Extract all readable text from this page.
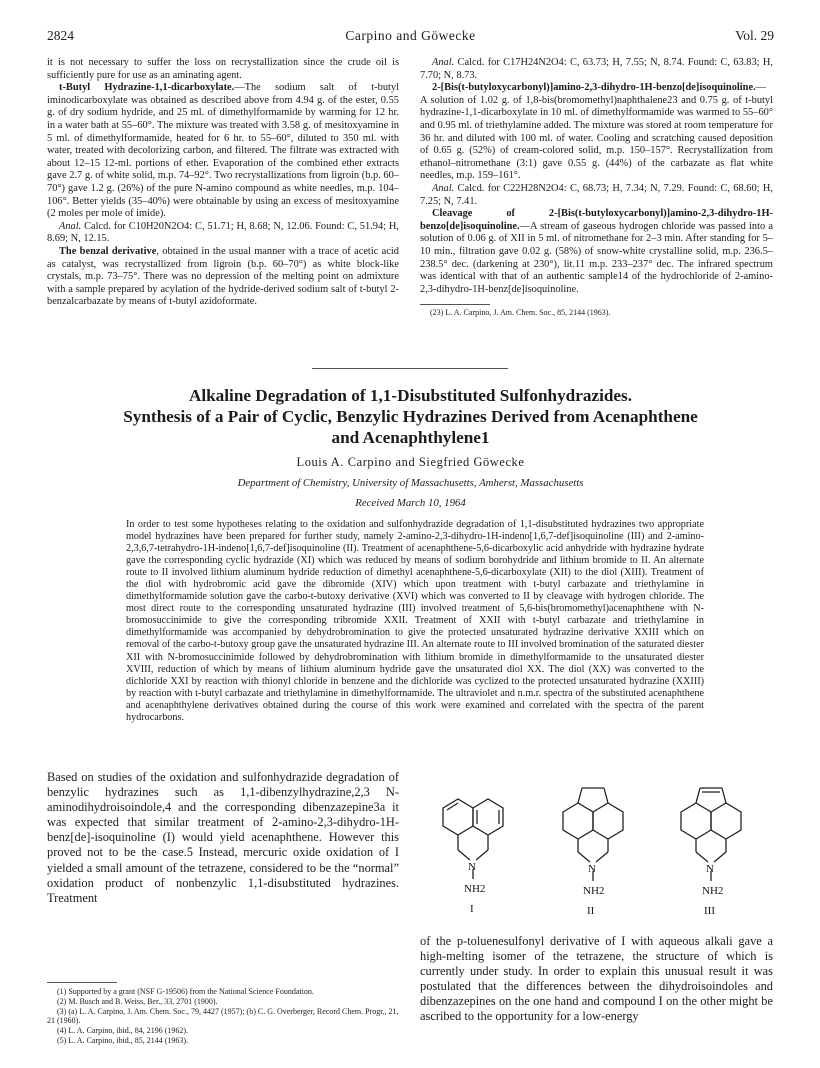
2824	Carpino and Göwecke	Vol. 29

it is not necessary to suffer the loss on recrystallization since the crude oil is sufficiently pure for use as an aminating agent.

t-Butyl Hydrazine-1,1-dicarboxylate.—The sodium salt of t-butyl iminodicarboxylate was obtained as described above from 4.94 g. of the ester, 0.55 g. of dry sodium hydride, and 25 ml. of dimethylformamide by warming for 12 hr. in a water bath at 55–60°. The mixture was treated with 3.58 g. of mesitoxyamine in 5 ml. of dimethylformamide, heated for 6 hr. to 55–60°, diluted to 350 ml. with water, treated with decolorizing carbon, and filtered. The filtrate was extracted with about 12–15 12-ml. portions of ether. Evaporation of the combined ether extracts gave 2.7 g. of white solid, m.p. 74–92°. Two recrystallizations from ligroin (b.p. 60–70°) gave 1.2 g. (26%) of the pure N-amino compound as white needles, m.p. 104–106°. Better yields (35–40%) were obtainable by using an excess of mesitoxyamine (2 moles per mole of imide).

Anal. Calcd. for C10H20N2O4: C, 51.71; H, 8.68; N, 12.06. Found: C, 51.94; H, 8.69; N, 12.15.

The benzal derivative, obtained in the usual manner with a trace of acetic acid as catalyst, was recrystallized from ligroin (b.p. 60–70°) as white block-like crystals, m.p. 73–75°. There was no depression of the melting point on admixture with a sample prepared by acylation of the hydride-derived sodium salt of t-butyl 2-benzalcarbazate by means of t-butyl azidoformate.

Anal. Calcd. for C17H24N2O4: C, 63.73; H, 7.55; N, 8.74. Found: C, 63.83; H, 7.70; N, 8.73.

2-[Bis(t-butyloxycarbonyl)]amino-2,3-dihydro-1H-benzo[de]isoquinoline.—A solution of 1.02 g. of 1,8-bis(bromomethyl)naphthalene23 and 0.75 g. of t-butyl hydrazine-1,1-dicarboxylate in 10 ml. of dimethylformamide was warmed to 55–60° and 0.95 ml. of triethylamine added. The mixture was stored at room temperature for 36 hr. and diluted with 100 ml. of water. Cooling and scratching caused deposition of 0.65 g. (52%) of cream-colored solid, m.p. 150–157°. Recrystallization from ethanol–nitromethane (3:1) gave 0.55 g. (44%) of the carbazate as flat white needles, m.p. 159–161°.

Anal. Calcd. for C22H28N2O4: C, 68.73; H, 7.34; N, 7.29. Found: C, 68.60; H, 7.25; N, 7.41.

Cleavage of 2-[Bis(t-butyloxycarbonyl)]amino-2,3-dihydro-1H-benzo[de]isoquinoline.—A stream of gaseous hydrogen chloride was passed into a solution of 0.06 g. of XII in 5 ml. of nitromethane for 2–3 min. After standing for 5–10 min., filtration gave 0.02 g. (58%) of snow-white crystalline solid, m.p. 236.5–238.5° dec. (darkening at 230°), lit.11 m.p. 233–237° dec. The infrared spectrum was identical with that of an authentic sample14 of the hydrochloride of 2-amino-2,3-dihydro-1H-benz[de]isoquinoline.

(23) L. A. Carpino, J. Am. Chem. Soc., 85, 2144 (1963).

Alkaline Degradation of 1,1-Disubstituted Sulfonhydrazides.
Synthesis of a Pair of Cyclic, Benzylic Hydrazines Derived from Acenaphthene
and Acenaphthylene1
Louis A. Carpino and Siegfried Göwecke
Department of Chemistry, University of Massachusetts, Amherst, Massachusetts
Received March 10, 1964
In order to test some hypotheses relating to the oxidation and sulfonhydrazide degradation of 1,1-disubstituted hydrazines two appropriate model hydrazines have been prepared for further study, namely 2-amino-2,3-dihydro-1H-indeno[1,6,7-def]isoquinoline (III) and 2-amino-2,3,6,7-tetrahydro-1H-indeno[1,6,7-def]isoquinoline (II). Treatment of acenaphthene-5,6-dicarboxylic acid anhydride with hydrazine hydrate gave the corresponding cyclic hydrazide (XI) which was reduced by means of sodium borohydride and lithium bromide to II. An alternate route to II involved lithium aluminum hydride reduction of dimethyl acenaphthene-5,6-dicarboxylate (XII) to the diol (XIII). Treatment of the diol with hydrobromic acid gave the dibromide (XIV) which upon treatment with t-butyl carbazate and triethylamine in dimethylformamide solution gave the carbo-t-butoxy derivative (XVI) which was converted to II by cleavage with hydrogen chloride. The most direct route to the corresponding unsaturated hydrazine (III) involved treatment of 5,6-bis(bromomethyl)acenaphthene with N-bromosuccinimide to give the corresponding tribromide XXII. Treatment of XXII with t-butyl carbazate and triethylamine in dimethylformamide was accompanied by dehydrobromination to give the protected unsaturated hydrazine derivative XXIII which on removal of the carbo-t-butoxy group gave the unsaturated hydrazine III. An alternate route to III involved bromination of the saturated diester XII with N-bromosuccinimide followed by dehydrobromination with lithium bromide in dimethylformamide to the unsaturated diester XVIII, reduction of which by means of lithium aluminum hydride gave the unsaturated diol XX. The diol (XX) was converted to the dichloride XXI by reaction with thionyl chloride in benzene and the dichloride was cyclized to the protected unsaturated hydrazine (XXIII) by reaction with t-butyl carbazate and triethylamine in dimethylformamide. The ultraviolet and n.m.r. spectra of the substituted acenaphthene and acenaphthylene derivatives obtained during the course of this work were examined and correlated with the spectra of the parent hydrocarbons.
Based on studies of the oxidation and sulfonhydrazide degradation of benzylic hydrazines such as 1,1-dibenzylhydrazine,2,3 N-aminodihydroisoindole,4 and the corresponding dibenzazepine3a it was expected that similar treatment of 2-amino-2,3-dihydro-1H-benz[de]-isoquinoline (I) would yield acenaphthene. However this proved not to be the case.5 Instead, mercuric oxide oxidation of I yielded a small amount of the tetrazene, considered to be the “normal” oxidation product of nonbenzylic 1,1-disubstituted hydrazines. Treatment
(1) Supported by a grant (NSF G-19506) from the National Science Foundation.
(2) M. Busch and B. Weiss, Ber., 33, 2701 (1900).
(3) (a) L. A. Carpino, J. Am. Chem. Soc., 79, 4427 (1957); (b) C. G. Overberger, Record Chem. Progr., 21, 21 (1960).
(4) L. A. Carpino, ibid., 84, 2196 (1962).
(5) L. A. Carpino, ibid., 85, 2144 (1963).
N
NH2
I
N
NH2
II
N
NH2
III
of the p-toluenesulfonyl derivative of I with aqueous alkali gave a high-melting isomer of the tetrazene, the structure of which is currently under study. In order to explain this unusual result it was postulated that the differences between the dihydroisoindoles and dibenzazepines on the one hand and compound I on the other might be ascribed to the opportunity for a low-energy
